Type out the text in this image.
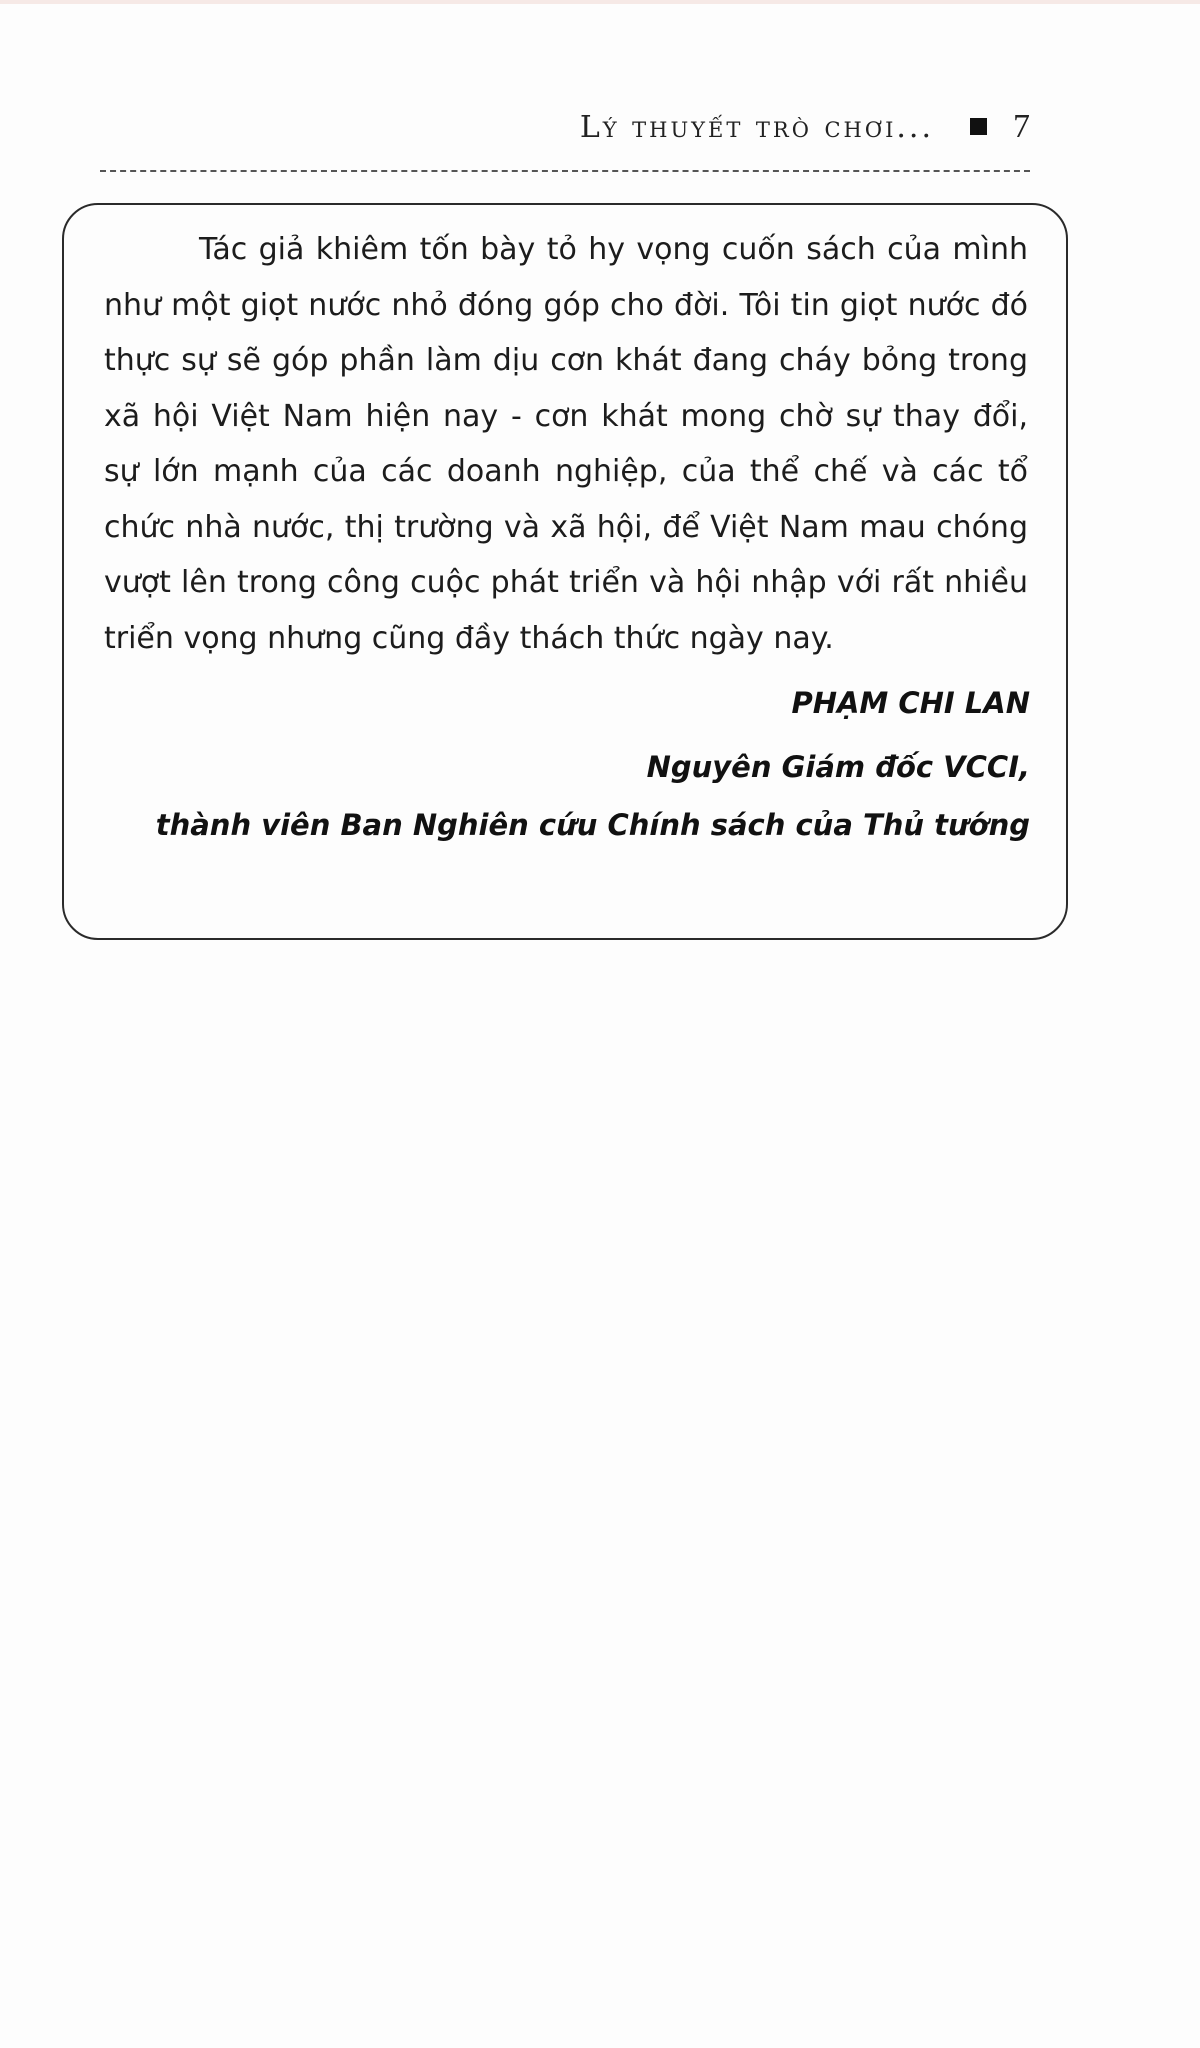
Lý thuyết trò chơi... 7

Tác giả khiêm tốn bày tỏ hy vọng cuốn sách của mình như một giọt nước nhỏ đóng góp cho đời. Tôi tin giọt nước đó thực sự sẽ góp phần làm dịu cơn khát đang cháy bỏng trong xã hội Việt Nam hiện nay - cơn khát mong chờ sự thay đổi, sự lớn mạnh của các doanh nghiệp, của thể chế và các tổ chức nhà nước, thị trường và xã hội, để Việt Nam mau chóng vượt lên trong công cuộc phát triển và hội nhập với rất nhiều triển vọng nhưng cũng đầy thách thức ngày nay.

PHẠM CHI LAN
Nguyên Giám đốc VCCI,
thành viên Ban Nghiên cứu Chính sách của Thủ tướng
